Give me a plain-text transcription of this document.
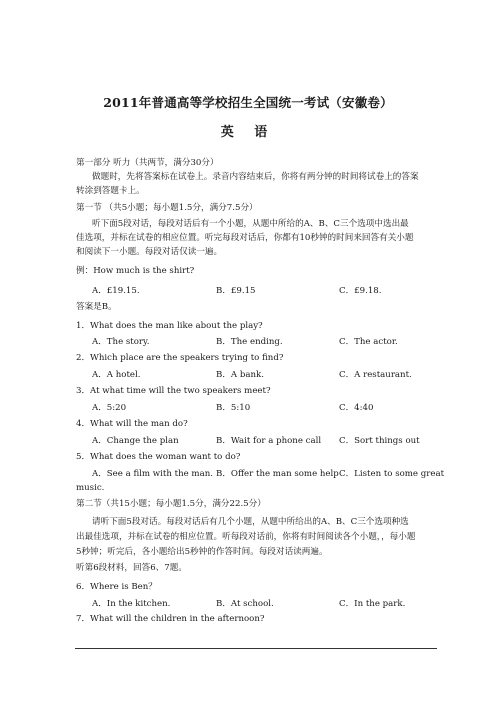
2011年普通高等学校招生全国统一考试（安徽卷）
英 语
第一部分 听力（共两节，满分30分）
做题时，先将答案标在试卷上。录音内容结束后，你将有两分钟的时间将试卷上的答案
转涂到答题卡上。
第一节 （共5小题；每小题1.5分，满分7.5分）
听下面5段对话，每段对话后有一个小题，从题中所给的A、B、C三个选项中选出最
佳选项，并标在试卷的相应位置。听完每段对话后，你都有10秒钟的时间来回答有关小题
和阅读下一小题。每段对话仅读一遍。
例：How much is the shirt?
A．£19.15.	B．£9.15	C．£9.18.
答案是B。
1．What does the man like about the play?
A．The story.	B．The ending.	C．The actor.
2．Which place are the speakers trying to find?
A．A hotel.	B．A bank.	C．A restaurant.
3．At what time will the two speakers meet?
A．5:20	B．5:10	C．4:40
4．What will the man do?
A．Change the plan	B．Wait for a phone call C．Sort things out
5．What does the woman want to do?
A．See a film with the man. B．Offer the man some help C．Listen to some great
music.
第二节（共15小题；每小题1.5分，满分22.5分）
请听下面5段对话。每段对话后有几个小题，从题中所给出的A、B、C三个选项种选
出最佳选项，并标在试卷的相应位置。听每段对话前，你将有时间阅读各个小题，，每小题
5秒钟；听完后，各小题给出5秒钟的作答时间。每段对话读两遍。
听第6段材料，回答6、7题。
6．Where is Ben？
A．In the kitchen.	B．At school.	C．In the park.
7．What will the children in the afternoon?
